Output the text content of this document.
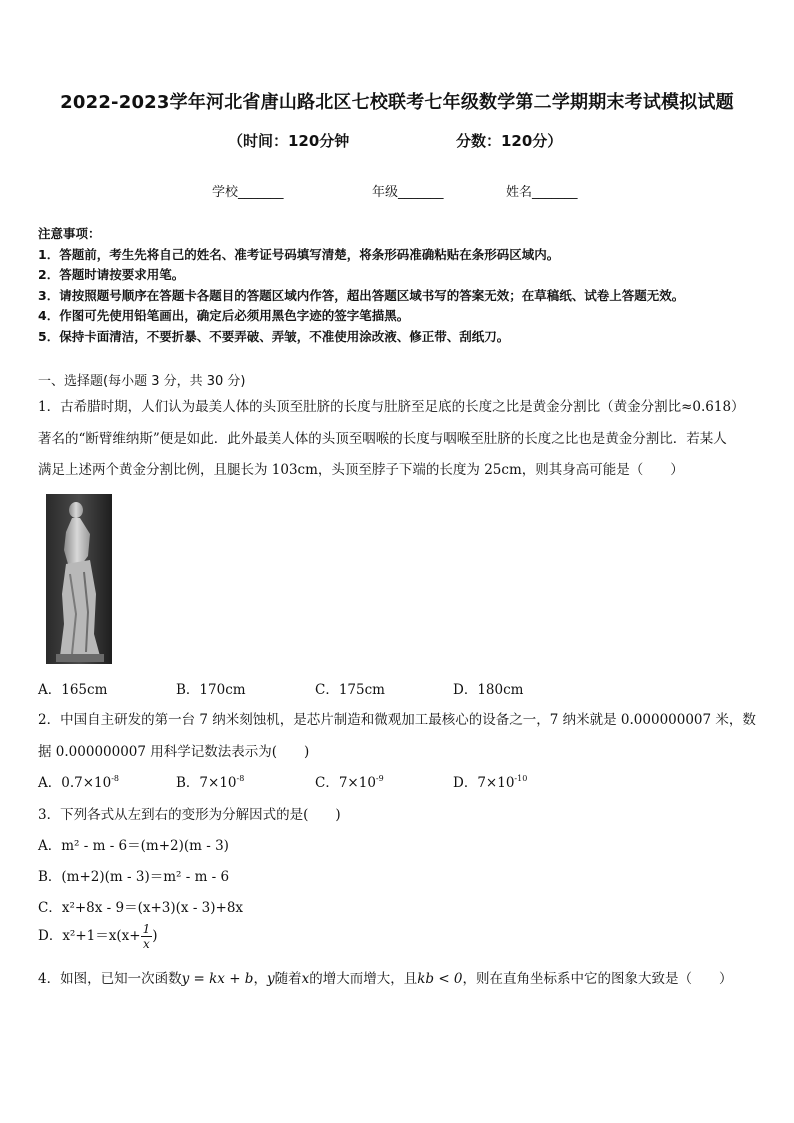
2022-2023学年河北省唐山路北区七校联考七年级数学第二学期期末考试模拟试题
（时间：120分钟	分数：120分）
学校_______	年级_______	姓名_______
注意事项：
1．答题前，考生先将自己的姓名、准考证号码填写清楚，将条形码准确粘贴在条形码区域内。
2．答题时请按要求用笔。
3．请按照题号顺序在答题卡各题目的答题区域内作答，超出答题区域书写的答案无效；在草稿纸、试卷上答题无效。
4．作图可先使用铅笔画出，确定后必须用黑色字迹的签字笔描黑。
5．保持卡面清洁，不要折暴、不要弄破、弄皱，不准使用涂改液、修正带、刮纸刀。
一、选择题(每小题 3 分，共 30 分)
1．古希腊时期，人们认为最美人体的头顶至肚脐的长度与肚脐至足底的长度之比是黄金分割比（黄金分割比≈0.618）
著名的“断臂维纳斯”便是如此．此外最美人体的头顶至咽喉的长度与咽喉至肚脐的长度之比也是黄金分割比．若某人
满足上述两个黄金分割比例，且腿长为 103cm，头顶至脖子下端的长度为 25cm，则其身高可能是（　　）
A．165cm	B．170cm	C．175cm	D．180cm
2．中国自主研发的第一台 7 纳米刻蚀机，是芯片制造和微观加工最核心的设备之一，7 纳米就是 0.000000007 米，数
据 0.000000007 用科学记数法表示为(　　)
A．$0.7\times 10^{-8}$	B．$7\times 10^{-8}$	C．$7\times 10^{-9}$	D．$7\times 10^{-10}$
3．下列各式从左到右的变形为分解因式的是(　　)
A．m² - m - 6＝(m+2)(m - 3)
B．(m+2)(m - 3)＝m² - m - 6
C．x²+8x - 9＝(x+3)(x - 3)+8x
D．$x^2+1=x(x+ \frac{1}{x}$ )
4．如图，已知一次函数y = kx + b，y随着x的增大而增大，且kb < 0，则在直角坐标系中它的图象大致是（　　）
